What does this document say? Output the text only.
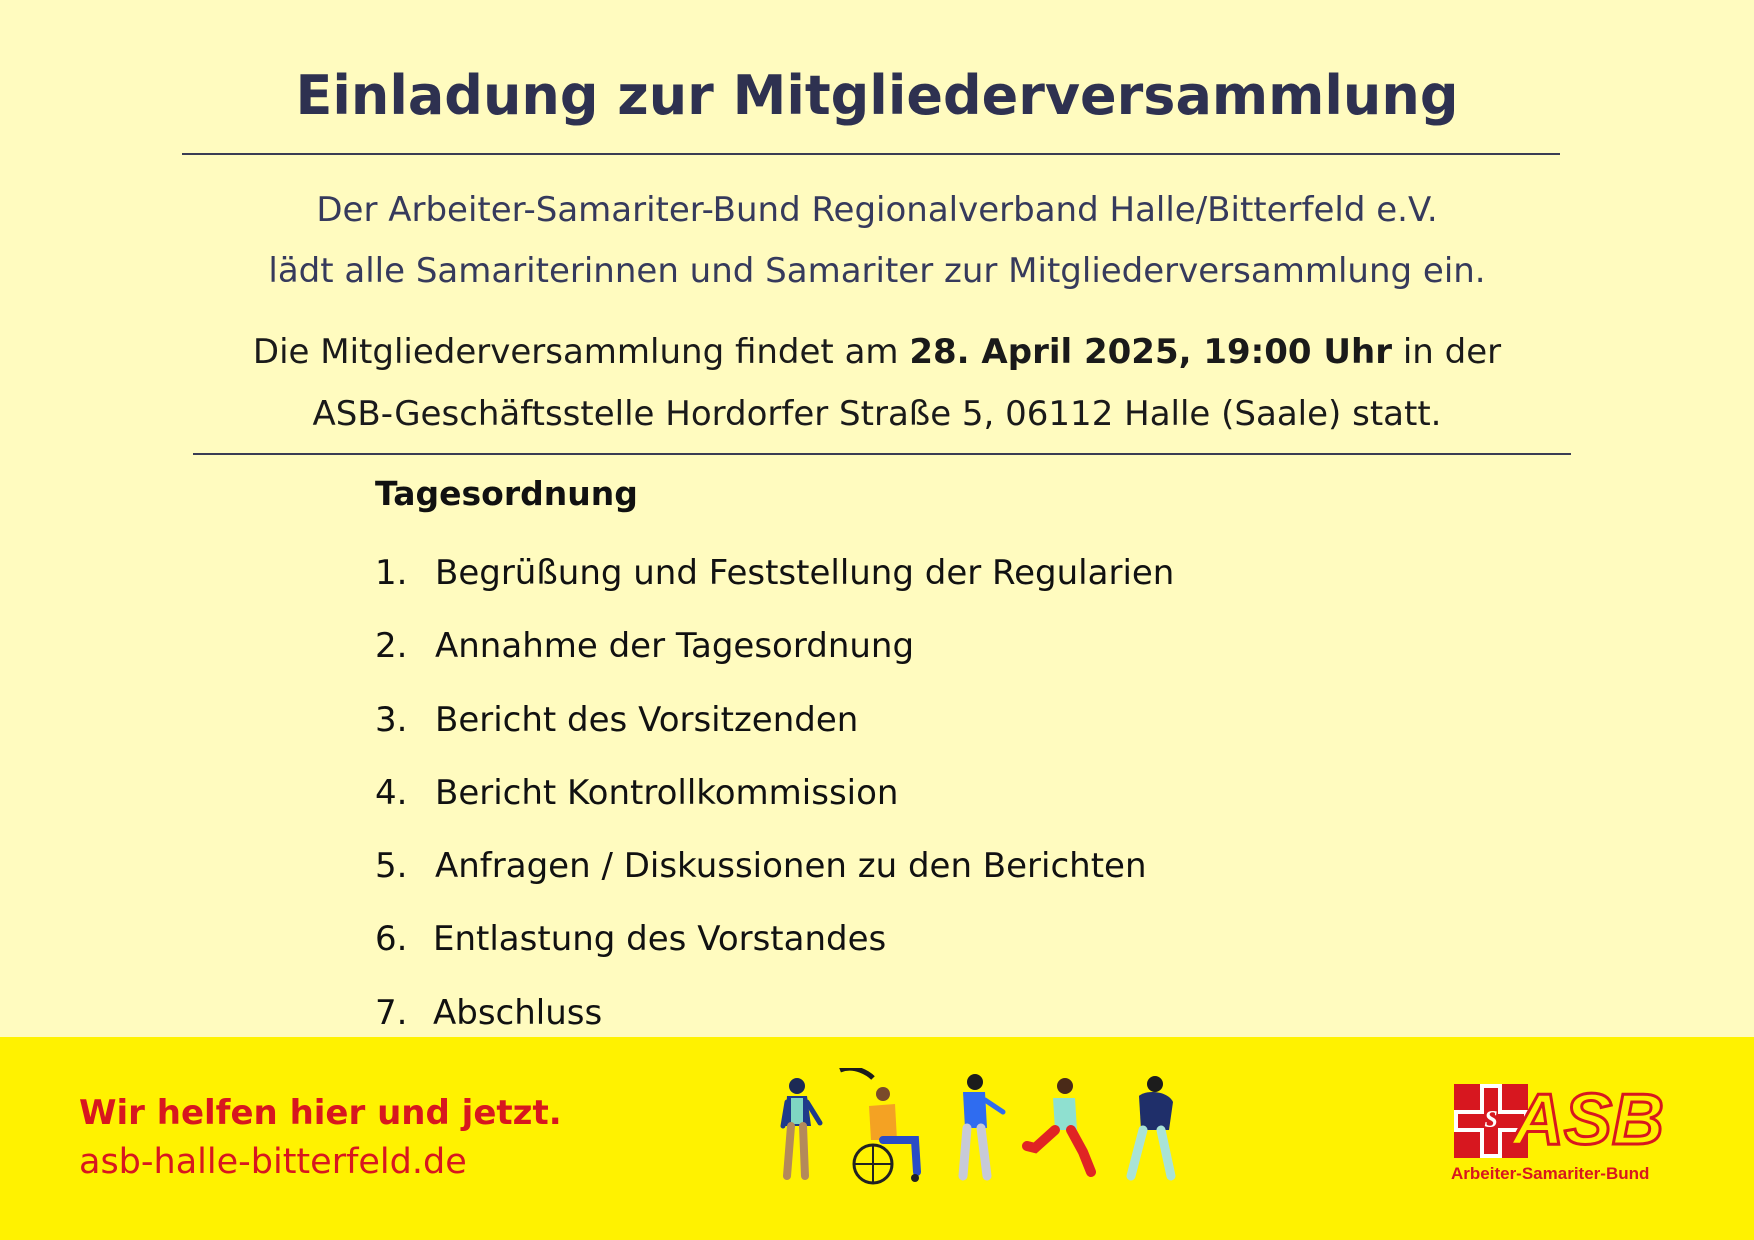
Einladung zur Mitgliederversammlung
Der Arbeiter-Samariter-Bund Regionalverband Halle/Bitterfeld e.V.
lädt alle Samariterinnen und Samariter zur Mitgliederversammlung ein.
Die Mitgliederversammlung findet am 28. April 2025, 19:00 Uhr in der
ASB-Geschäftsstelle Hordorfer Straße 5, 06112 Halle (Saale) statt.
Tagesordnung
1. Begrüßung und Feststellung der Regularien
2. Annahme der Tagesordnung
3. Bericht des Vorsitzenden
4. Bericht Kontrollkommission
5. Anfragen / Diskussionen zu den Berichten
6. Entlastung des Vorstandes
7. Abschluss
Wir helfen hier und jetzt.
asb-halle-bitterfeld.de
S ASB
Arbeiter-Samariter-Bund
